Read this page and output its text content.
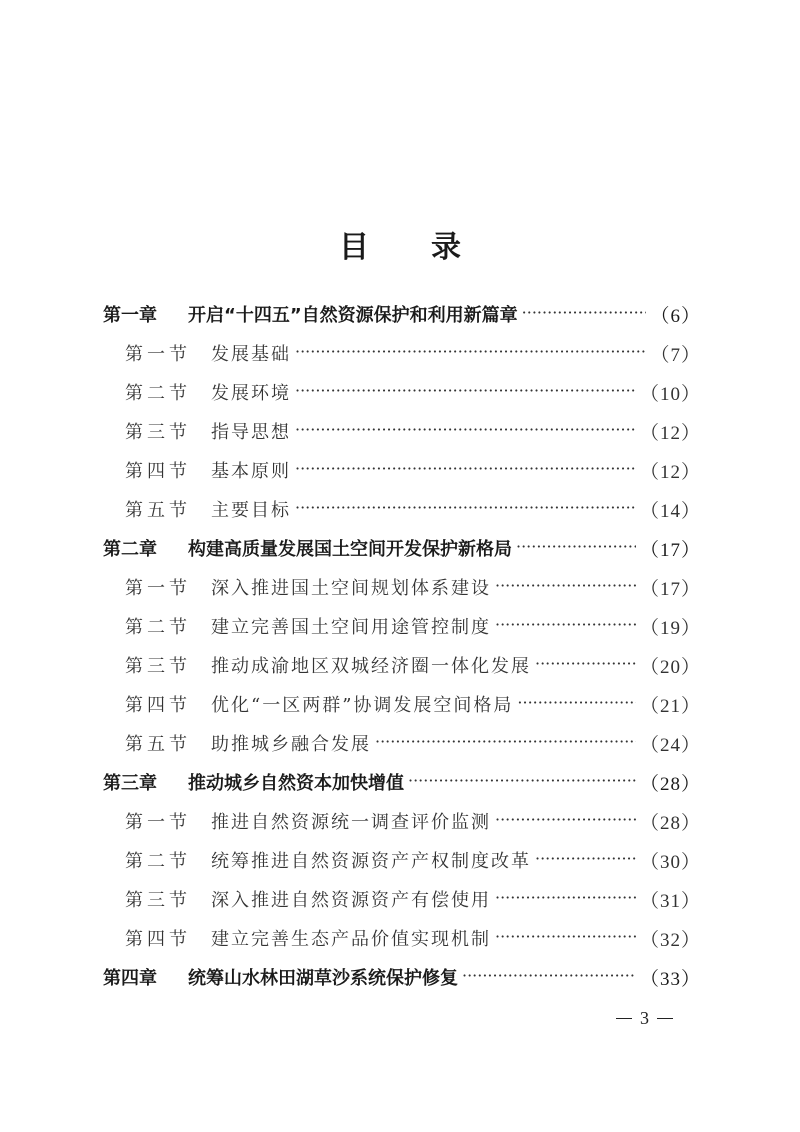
目 录
第一章	开启“十四五”自然资源保护和利用新篇章 ·····	（6）
第一节	发展基础 ·····	（7）
第二节	发展环境 ·····	（10）
第三节	指导思想 ·····	（12）
第四节	基本原则 ·····	（12）
第五节	主要目标 ·····	（14）
第二章	构建高质量发展国土空间开发保护新格局 ·····	（17）
第一节	深入推进国土空间规划体系建设 ·····	（17）
第二节	建立完善国土空间用途管控制度 ·····	（19）
第三节	推动成渝地区双城经济圈一体化发展 ·····	（20）
第四节	优化“一区两群”协调发展空间格局 ·····	（21）
第五节	助推城乡融合发展 ·····	（24）
第三章	推动城乡自然资本加快增值 ·····	（28）
第一节	推进自然资源统一调查评价监测 ·····	（28）
第二节	统筹推进自然资源资产产权制度改革 ·····	（30）
第三节	深入推进自然资源资产有偿使用 ·····	（31）
第四节	建立完善生态产品价值实现机制 ·····	（32）
第四章	统筹山水林田湖草沙系统保护修复 ·····	（33）
3
